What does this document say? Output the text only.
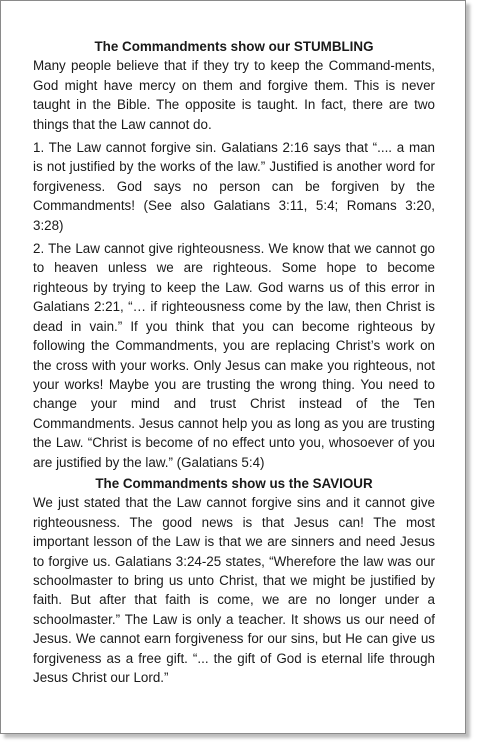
The Commandments show our STUMBLING

Many people believe that if they try to keep the Command-ments, God might have mercy on them and forgive them. This is never taught in the Bible. The opposite is taught. In fact, there are two things that the Law cannot do.

1. The Law cannot forgive sin. Galatians 2:16 says that “.... a man is not justified by the works of the law.” Justified is another word for forgiveness. God says no person can be forgiven by the Commandments! (See also Galatians 3:11, 5:4; Romans 3:20, 3:28)

2. The Law cannot give righteousness. We know that we cannot go to heaven unless we are righteous. Some hope to become righteous by trying to keep the Law. God warns us of this error in Galatians 2:21, “… if righteousness come by the law, then Christ is dead in vain.” If you think that you can become righteous by following the Commandments, you are replacing Christ’s work on the cross with your works. Only Jesus can make you righteous, not your works! Maybe you are trusting the wrong thing. You need to change your mind and trust Christ instead of the Ten Commandments. Jesus cannot help you as long as you are trusting the Law. “Christ is become of no effect unto you, whosoever of you are justified by the law.” (Galatians 5:4)

The Commandments show us the SAVIOUR

We just stated that the Law cannot forgive sins and it cannot give righteousness. The good news is that Jesus can! The most important lesson of the Law is that we are sinners and need Jesus to forgive us. Galatians 3:24-25 states, “Wherefore the law was our schoolmaster to bring us unto Christ, that we might be justified by faith. But after that faith is come, we are no longer under a schoolmaster.” The Law is only a teacher. It shows us our need of Jesus. We cannot earn forgiveness for our sins, but He can give us forgiveness as a free gift. “... the gift of God is eternal life through Jesus Christ our Lord.”
